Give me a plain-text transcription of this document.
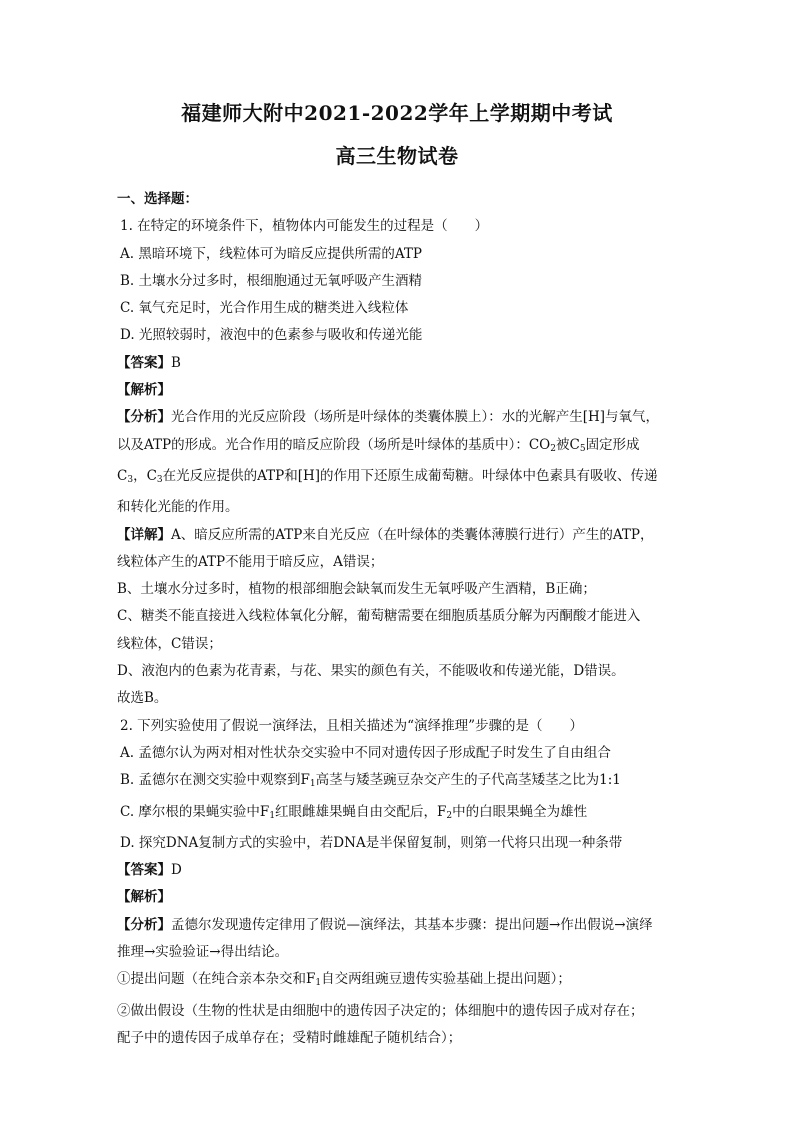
福建师大附中2021-2022学年上学期期中考试
高三生物试卷
一、选择题：
1. 在特定的环境条件下，植物体内可能发生的过程是（　　）
A. 黑暗环境下，线粒体可为暗反应提供所需的ATP
B. 土壤水分过多时，根细胞通过无氧呼吸产生酒精
C. 氧气充足时，光合作用生成的糖类进入线粒体
D. 光照较弱时，液泡中的色素参与吸收和传递光能
【答案】B
【解析】
【分析】光合作用的光反应阶段（场所是叶绿体的类囊体膜上）：水的光解产生[H]与氧气，
以及ATP的形成。光合作用的暗反应阶段（场所是叶绿体的基质中）：$CO_2$被$C_5$固定形成
$C_3$，$C_3$在光反应提供的ATP和[H]的作用下还原生成葡萄糖。叶绿体中色素具有吸收、传递
和转化光能的作用。
【详解】A、暗反应所需的ATP来自光反应（在叶绿体的类囊体薄膜行进行）产生的ATP，
线粒体产生的ATP不能用于暗反应，A错误；
B、土壤水分过多时，植物的根部细胞会缺氧而发生无氧呼吸产生酒精，B正确；
C、糖类不能直接进入线粒体氧化分解，葡萄糖需要在细胞质基质分解为丙酮酸才能进入
线粒体，C错误；
D、液泡内的色素为花青素，与花、果实的颜色有关，不能吸收和传递光能，D错误。
故选B。
2. 下列实验使用了假说一演绎法，且相关描述为“演绎推理”步骤的是（　　）
A. 孟德尔认为两对相对性状杂交实验中不同对遗传因子形成配子时发生了自由组合
B. 孟德尔在测交实验中观察到$F_1$高茎与矮茎豌豆杂交产生的子代高茎矮茎之比为1:1
C. 摩尔根的果蝇实验中$F_1$红眼雌雄果蝇自由交配后，$F_2$中的白眼果蝇全为雄性
D. 探究DNA复制方式的实验中，若DNA是半保留复制，则第一代将只出现一种条带
【答案】D
【解析】
【分析】孟德尔发现遗传定律用了假说—演绎法，其基本步骤：提出问题→作出假说→演绎
推理→实验验证→得出结论。
①提出问题（在纯合亲本杂交和$F_1$自交两组豌豆遗传实验基础上提出问题）；
②做出假设（生物的性状是由细胞中的遗传因子决定的；体细胞中的遗传因子成对存在；
配子中的遗传因子成单存在；受精时雌雄配子随机结合）；
